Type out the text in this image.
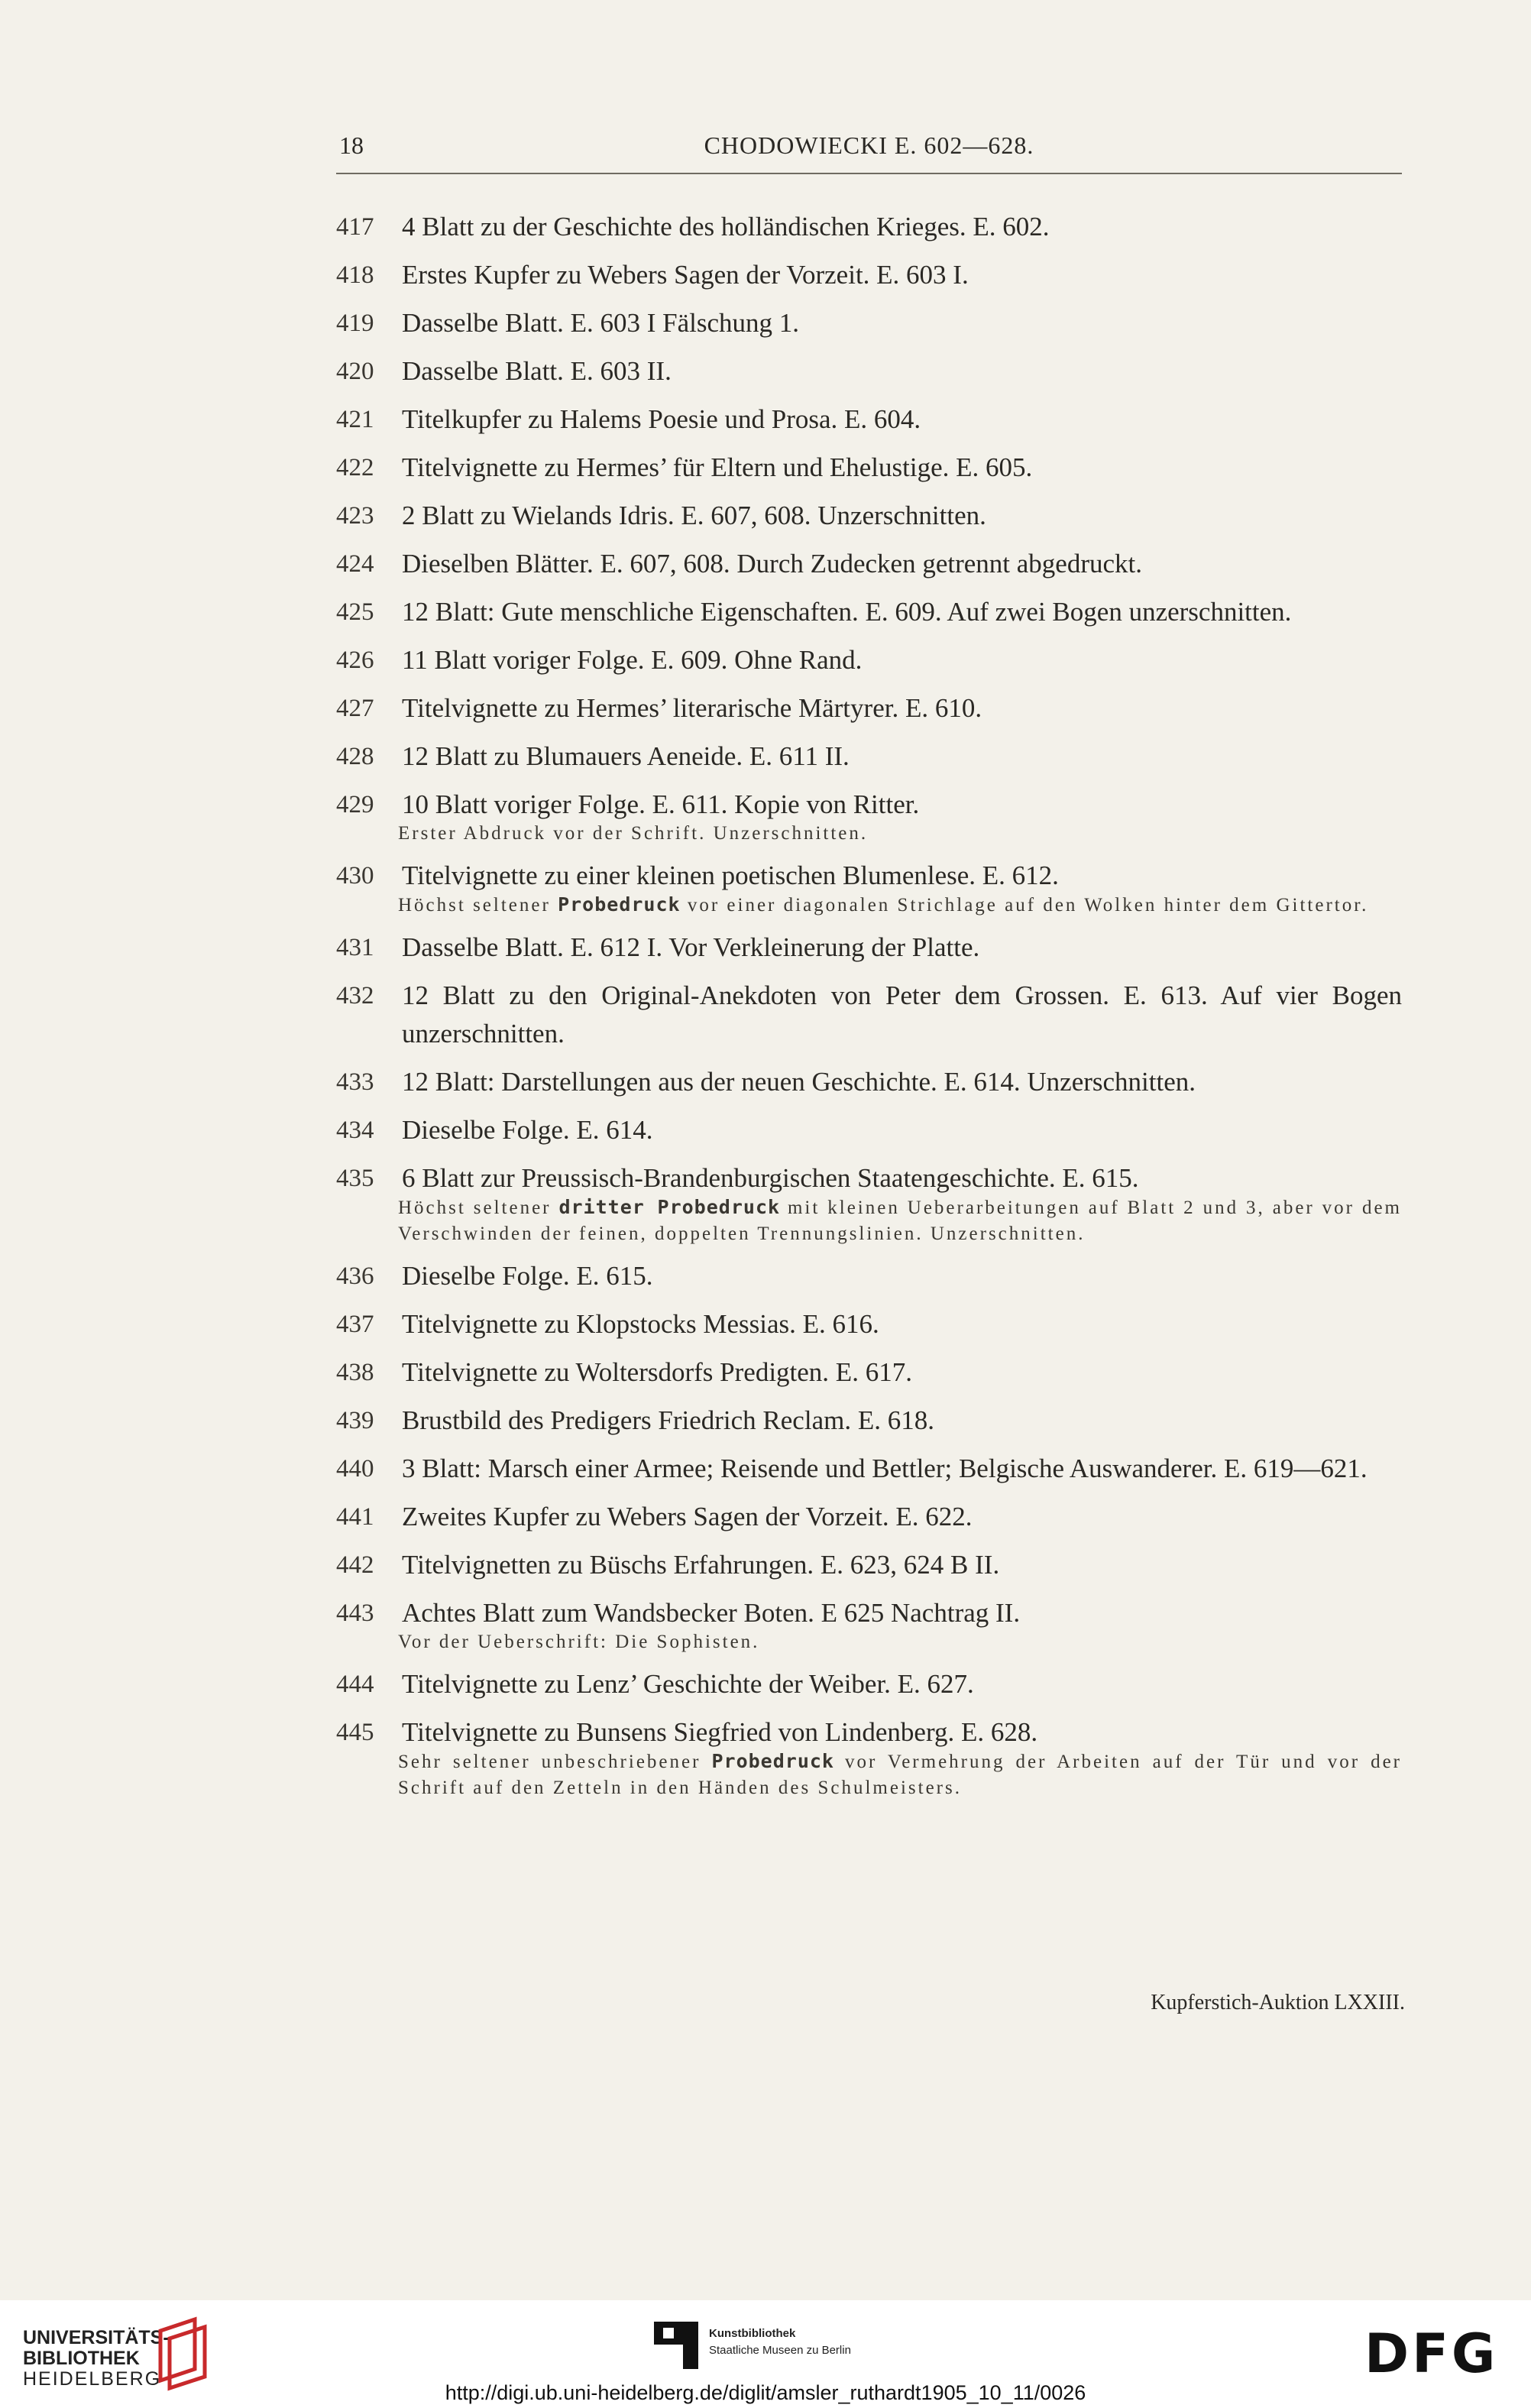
18	CHODOWIECKI E. 602—628.
417 4 Blatt zu der Geschichte des holländischen Krieges. E. 602.
418 Erstes Kupfer zu Webers Sagen der Vorzeit. E. 603 I.
419 Dasselbe Blatt. E. 603 I Fälschung 1.
420 Dasselbe Blatt. E. 603 II.
421 Titelkupfer zu Halems Poesie und Prosa. E. 604.
422 Titelvignette zu Hermes’ für Eltern und Ehelustige. E. 605.
423 2 Blatt zu Wielands Idris. E. 607, 608. Unzerschnitten.
424 Dieselben Blätter. E. 607, 608. Durch Zudecken getrennt abgedruckt.
425 12 Blatt: Gute menschliche Eigenschaften. E. 609. Auf zwei Bogen unzerschnitten.
426 11 Blatt voriger Folge. E. 609. Ohne Rand.
427 Titelvignette zu Hermes’ literarische Märtyrer. E. 610.
428 12 Blatt zu Blumauers Aeneide. E. 611 II.
429 10 Blatt voriger Folge. E. 611. Kopie von Ritter.
Erster Abdruck vor der Schrift. Unzerschnitten.
430 Titelvignette zu einer kleinen poetischen Blumenlese. E. 612.
Höchst seltener Probedruck vor einer diagonalen Strichlage auf den Wolken hinter dem Gittertor.
431 Dasselbe Blatt. E. 612 I. Vor Verkleinerung der Platte.
432 12 Blatt zu den Original-Anekdoten von Peter dem Grossen. E. 613. Auf vier Bogen unzerschnitten.
433 12 Blatt: Darstellungen aus der neuen Geschichte. E. 614. Unzerschnitten.
434 Dieselbe Folge. E. 614.
435 6 Blatt zur Preussisch-Brandenburgischen Staatengeschichte. E. 615.
Höchst seltener dritter Probedruck mit kleinen Ueberarbeitungen auf Blatt 2 und 3, aber vor dem Verschwinden der feinen, doppelten Trennungslinien. Unzerschnitten.
436 Dieselbe Folge. E. 615.
437 Titelvignette zu Klopstocks Messias. E. 616.
438 Titelvignette zu Woltersdorfs Predigten. E. 617.
439 Brustbild des Predigers Friedrich Reclam. E. 618.
440 3 Blatt: Marsch einer Armee; Reisende und Bettler; Belgische Auswanderer. E. 619—621.
441 Zweites Kupfer zu Webers Sagen der Vorzeit. E. 622.
442 Titelvignetten zu Büschs Erfahrungen. E. 623, 624 B II.
443 Achtes Blatt zum Wandsbecker Boten. E 625 Nachtrag II.
Vor der Ueberschrift: Die Sophisten.
444 Titelvignette zu Lenz’ Geschichte der Weiber. E. 627.
445 Titelvignette zu Bunsens Siegfried von Lindenberg. E. 628.
Sehr seltener unbeschriebener Probedruck vor Vermehrung der Arbeiten auf der Tür und vor der Schrift auf den Zetteln in den Händen des Schulmeisters.
Kupferstich-Auktion LXXIII.
UNIVERSITÄTS-
BIBLIOTHEK
HEIDELBERG
Kunstbibliothek
Staatliche Museen zu Berlin	DFG
http://digi.ub.uni-heidelberg.de/diglit/amsler_ruthardt1905_10_11/0026
